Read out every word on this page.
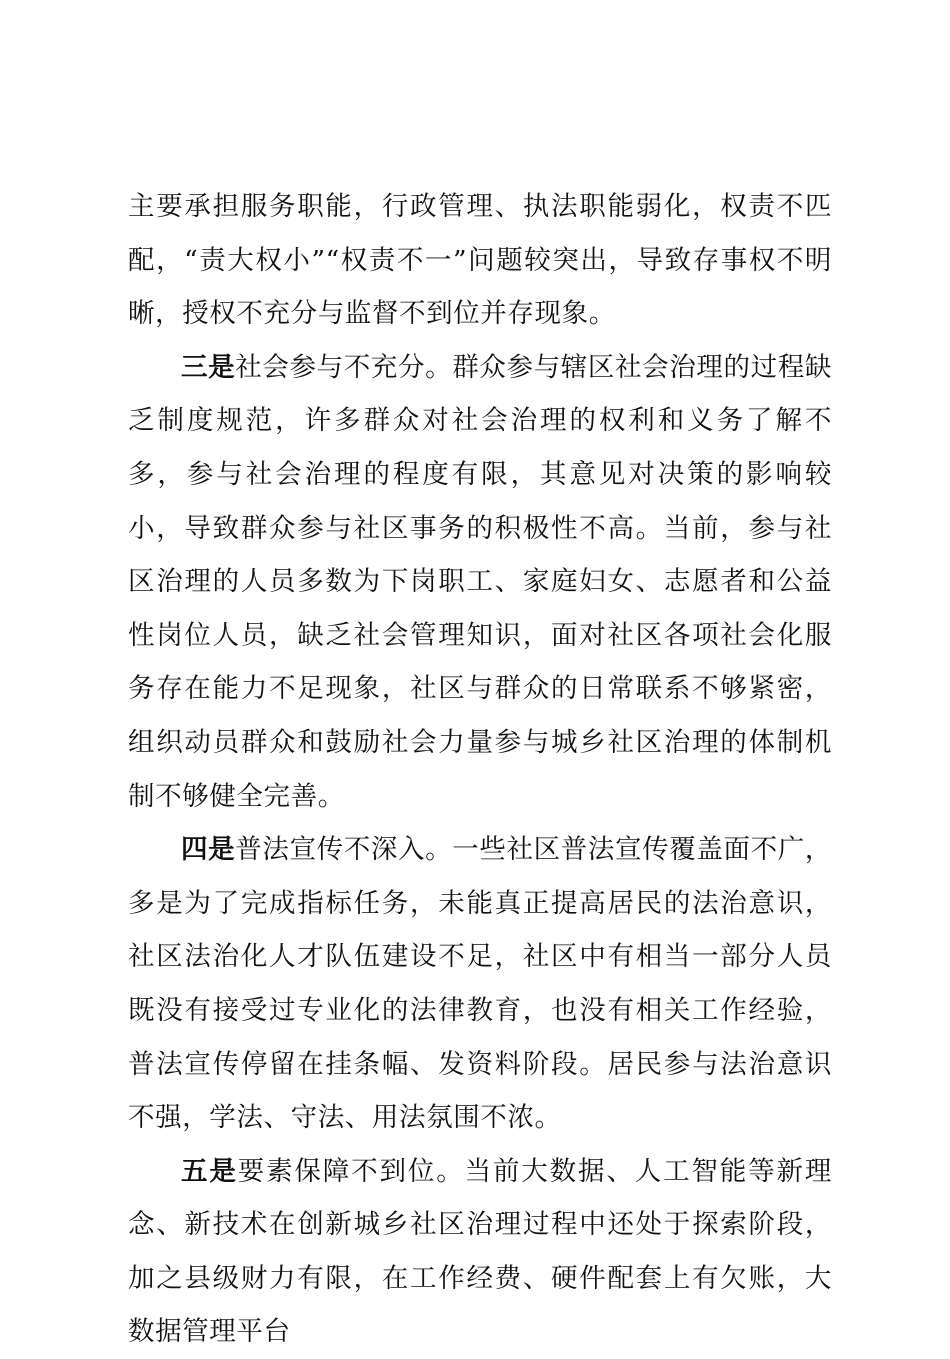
主要承担服务职能，行政管理、执法职能弱化，权责不匹配，“责大权小”“权责不一”问题较突出，导致存事权不明晰，授权不充分与监督不到位并存现象。

三是社会参与不充分。群众参与辖区社会治理的过程缺乏制度规范，许多群众对社会治理的权利和义务了解不多，参与社会治理的程度有限，其意见对决策的影响较小，导致群众参与社区事务的积极性不高。当前，参与社区治理的人员多数为下岗职工、家庭妇女、志愿者和公益性岗位人员，缺乏社会管理知识，面对社区各项社会化服务存在能力不足现象，社区与群众的日常联系不够紧密，组织动员群众和鼓励社会力量参与城乡社区治理的体制机制不够健全完善。

四是普法宣传不深入。一些社区普法宣传覆盖面不广，多是为了完成指标任务，未能真正提高居民的法治意识，社区法治化人才队伍建设不足，社区中有相当一部分人员既没有接受过专业化的法律教育，也没有相关工作经验，普法宣传停留在挂条幅、发资料阶段。居民参与法治意识不强，学法、守法、用法氛围不浓。

五是要素保障不到位。当前大数据、人工智能等新理念、新技术在创新城乡社区治理过程中还处于探索阶段，加之县级财力有限，在工作经费、硬件配套上有欠账，大数据管理平台
